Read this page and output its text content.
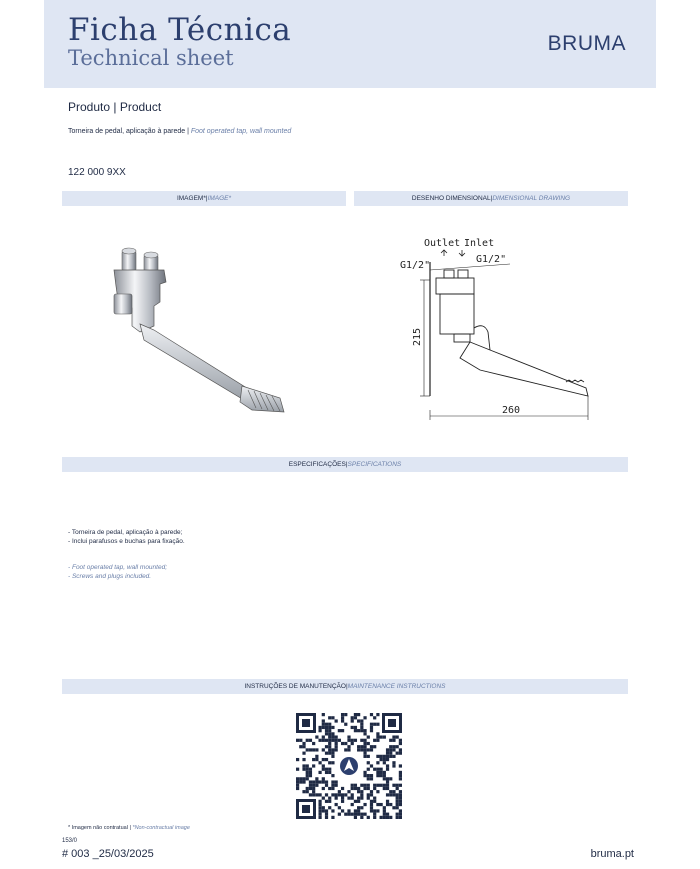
Ficha Técnica
Technical sheet
BRUMA
Produto | Product
Torneira de pedal, aplicação à parede | Foot operated tap, wall mounted
122 000 9XX
IMAGEM* | IMAGE*	DESENHO DIMENSIONAL | DIMENSIONAL DRAWING
Outlet Inlet
G1/2"
G1/2"
215
260
ESPECIFICAÇÕES | SPECIFICATIONS
- Torneira de pedal, aplicação à parede;
- Inclui parafusos e buchas para fixação.
- Foot operated tap, wall mounted;
- Screws and plugs included.
INSTRUÇÕES DE MANUTENÇÃO | MAINTENANCE INSTRUCTIONS
* Imagem não contratual | *Non-contractual image
153/0
# 003 _25/03/2025	bruma.pt
